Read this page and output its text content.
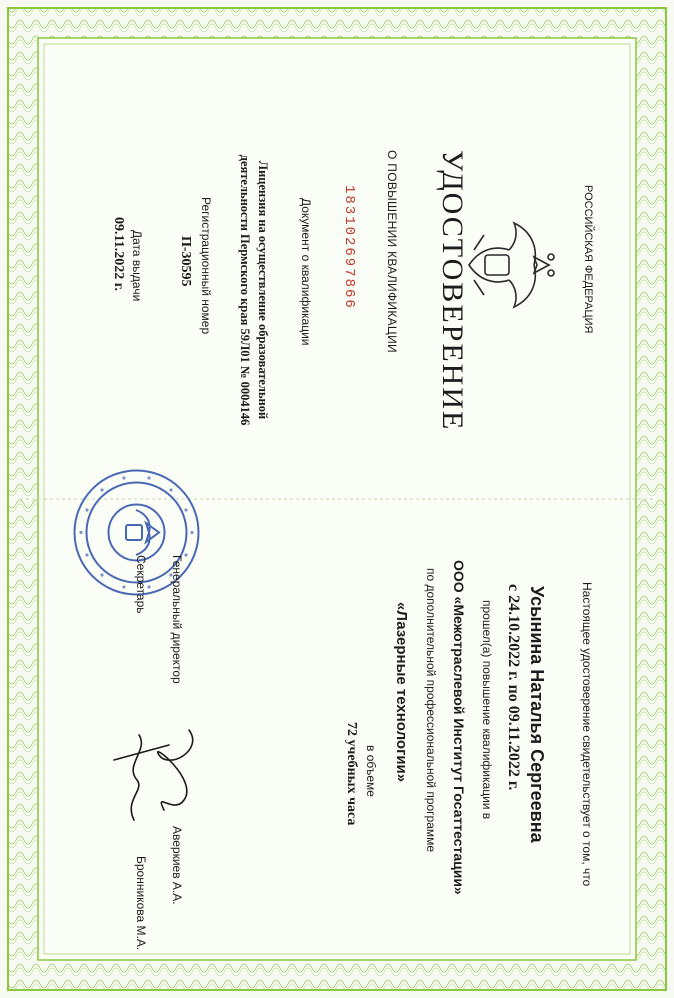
РОССИЙСКАЯ ФЕДЕРАЦИЯ
УДОСТОВЕРЕНИЕ
О ПОВЫШЕНИИ КВАЛИФИКАЦИИ
183102697866
Документ о квалификации
Лицензия на осуществление образовательной деятельности Пермского края 59Л01 № 0004146
Регистрационный номер
П-30595
Дата выдачи
09.11.2022 г.
Настоящее удостоверение свидетельствует о том, что
Усынина Наталья Сергеевна
с 24.10.2022 г. по 09.11.2022 г.
прошел(а) повышение квалификации в
ООО «Межотраслевой Институт Госаттестации»
по дополнительной профессиональной программе
«Лазерные технологии»
в объеме
72 учебных часа
Генеральный директор
Аверкиев А.А.
Секретарь
Бронникова М.А.
